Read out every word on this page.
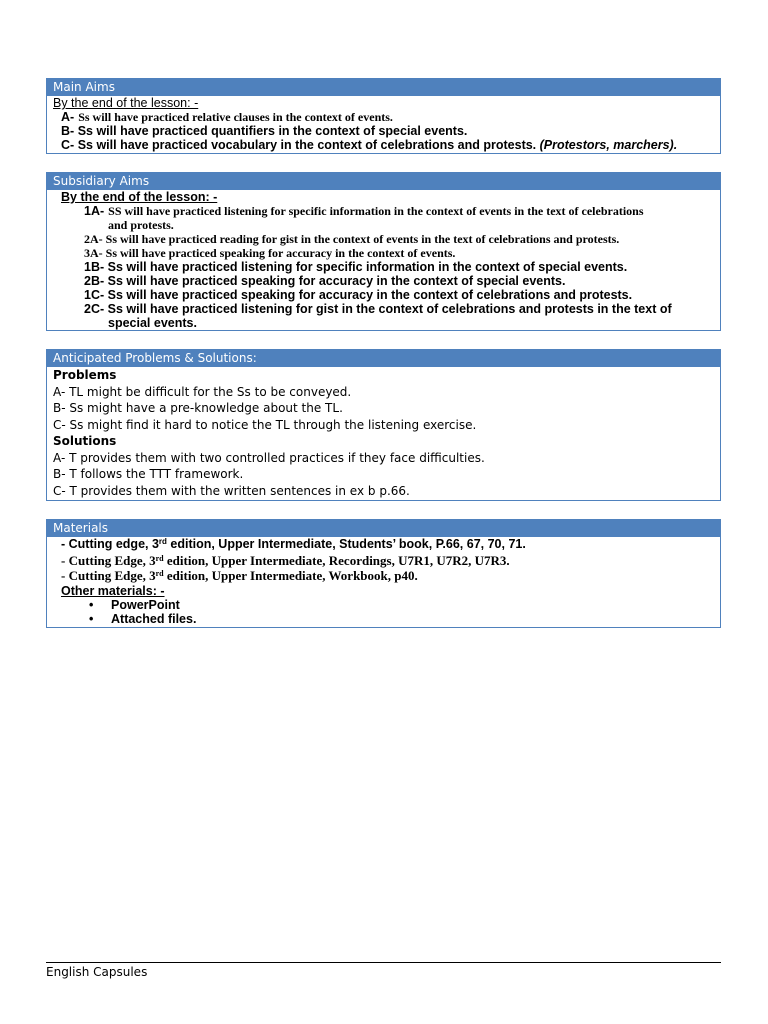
Main Aims
By the end of the lesson: -
A- Ss will have practiced relative clauses in the context of events.
B- Ss will have practiced quantifiers in the context of special events.
C- Ss will have practiced vocabulary in the context of celebrations and protests. (Protestors, marchers).
Subsidiary Aims
By the end of the lesson: -
1A- SS will have practiced listening for specific information in the context of events in the text of celebrations
and protests.
2A- Ss will have practiced reading for gist in the context of events in the text of celebrations and protests.
3A- Ss will have practiced speaking for accuracy in the context of events.
1B- Ss will have practiced listening for specific information in the context of special events.
2B- Ss will have practiced speaking for accuracy in the context of special events.
1C- Ss will have practiced speaking for accuracy in the context of celebrations and protests.
2C- Ss will have practiced listening for gist in the context of celebrations and protests in the text of
special events.
Anticipated Problems & Solutions:
Problems
A- TL might be difficult for the Ss to be conveyed.
B- Ss might have a pre-knowledge about the TL.
C- Ss might find it hard to notice the TL through the listening exercise.
Solutions
A- T provides them with two controlled practices if they face difficulties.
B- T follows the TTT framework.
C- T provides them with the written sentences in ex b p.66.
Materials
- Cutting edge, 3rd edition, Upper Intermediate, Students’ book, P.66, 67, 70, 71.
- Cutting Edge, 3rd edition, Upper Intermediate, Recordings, U7R1, U7R2, U7R3.
- Cutting Edge, 3rd edition, Upper Intermediate, Workbook, p40.
Other materials: -
• PowerPoint
• Attached files.
English Capsules
